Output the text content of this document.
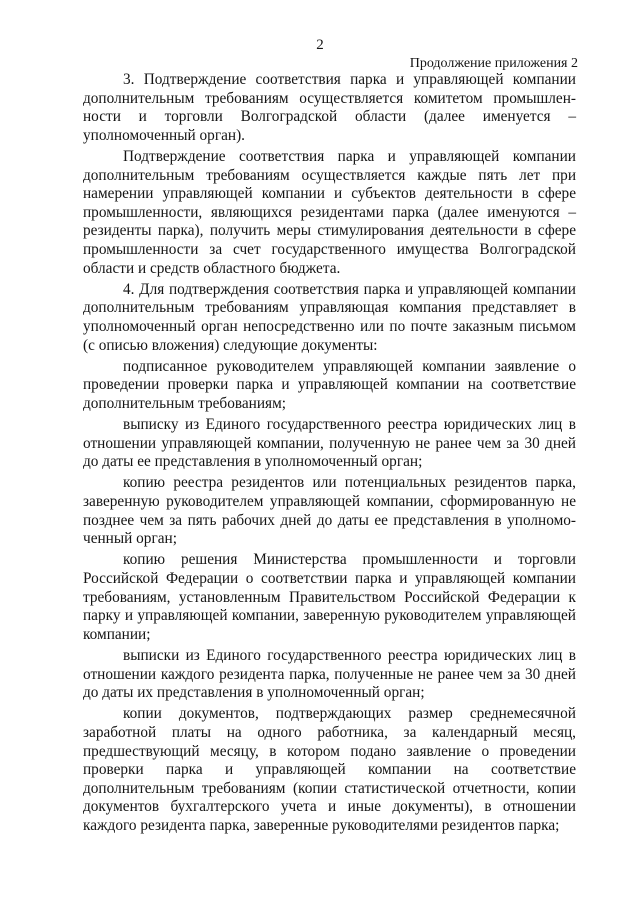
2
Продолжение приложения 2

3. Подтверждение соответствия парка и управляющей компании дополнительным требованиям осуществляется комитетом промышлен-ности и торговли Волгоградской области (далее именуется – уполномоченный орган).

Подтверждение соответствия парка и управляющей компании дополнительным требованиям осуществляется каждые пять лет при намерении управляющей компании и субъектов деятельности в сфере промышленности, являющихся резидентами парка (далее именуются – резиденты парка), получить меры стимулирования деятельности в сфере промышленности за счет государственного имущества Волгоградской области и средств областного бюджета.

4. Для подтверждения соответствия парка и управляющей компании дополнительным требованиям управляющая компания представляет в уполномоченный орган непосредственно или по почте заказным письмом (с описью вложения) следующие документы:

подписанное руководителем управляющей компании заявление о проведении проверки парка и управляющей компании на соответствие дополнительным требованиям;

выписку из Единого государственного реестра юридических лиц в отношении управляющей компании, полученную не ранее чем за 30 дней до даты ее представления в уполномоченный орган;

копию реестра резидентов или потенциальных резидентов парка, заверенную руководителем управляющей компании, сформированную не позднее чем за пять рабочих дней до даты ее представления в уполномо-ченный орган;

копию решения Министерства промышленности и торговли Российской Федерации о соответствии парка и управляющей компании требованиям, установленным Правительством Российской Федерации к парку и управляющей компании, заверенную руководителем управляющей компании;

выписки из Единого государственного реестра юридических лиц в отношении каждого резидента парка, полученные не ранее чем за 30 дней до даты их представления в уполномоченный орган;

копии документов, подтверждающих размер среднемесячной заработной платы на одного работника, за календарный месяц, предшествующий месяцу, в котором подано заявление о проведении проверки парка и управляющей компании на соответствие дополнительным требованиям (копии статистической отчетности, копии документов бухгалтерского учета и иные документы), в отношении каждого резидента парка, заверенные руководителями резидентов парка;
